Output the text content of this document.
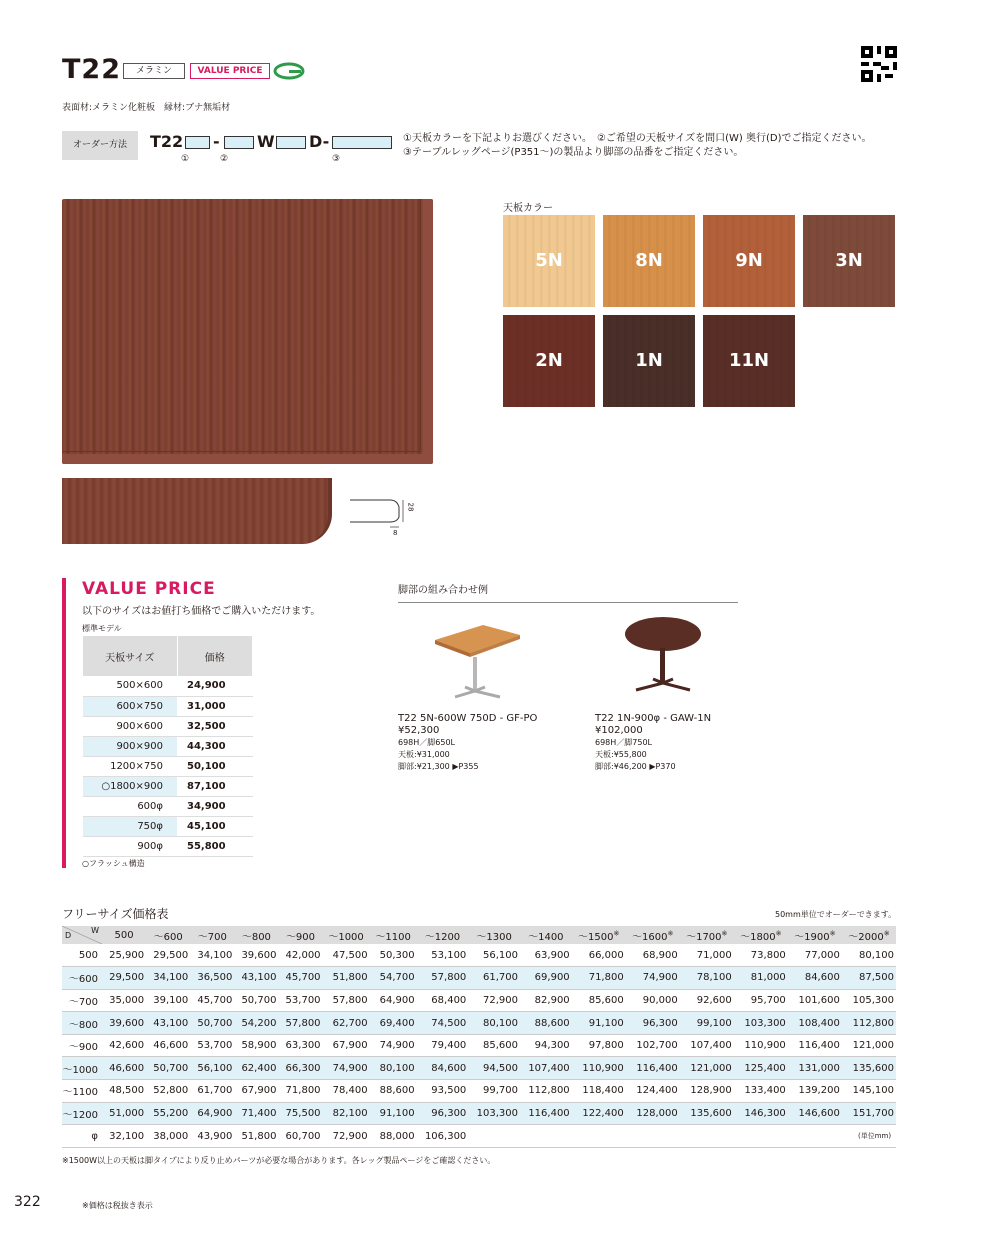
T22	メラミン	VALUE PRICE
表面材:メラミン化粧板　縁材:ブナ無垢材
オーダー方法	T22 - W D-
①	②	③
①天板カラーを下記よりお選びください。　②ご希望の天板サイズを間口(W) 奥行(D)でご指定ください。
③テーブルレッグページ(P351〜)の製品より脚部の品番をご指定ください。
28
8
天板カラー
5N	8N	9N	3N
2N	1N	11N
VALUE PRICE
以下のサイズはお値打ち価格でご購入いただけます。
標準モデル
天板サイズ	価格
500×600	24,900
600×750	31,000
900×600	32,500
900×900	44,300
1200×750	50,100
○1800×900	87,100
600φ	34,900
750φ	45,100
900φ	55,800
○フラッシュ構造
脚部の組み合わせ例
T22 5N-600W 750D - GF-PO
¥52,300
698H／脚650L
天板:¥31,000
脚部:¥21,300 ▶P355
T22 1N-900φ - GAW-1N
¥102,000
698H／脚750L
天板:¥55,800
脚部:¥46,200 ▶P370
フリーサイズ価格表	50mm単位でオーダーできます。
D
W	500	〜600	〜700	〜800	〜900	〜1000	〜1100	〜1200	〜1300	〜1400	〜1500※	〜1600※	〜1700※	〜1800※	〜1900※	〜2000※
500	25,900	29,500	34,100	39,600	42,000	47,500	50,300	53,100	56,100	63,900	66,000	68,900	71,000	73,800	77,000	80,100
〜600	29,500	34,100	36,500	43,100	45,700	51,800	54,700	57,800	61,700	69,900	71,800	74,900	78,100	81,000	84,600	87,500
〜700	35,000	39,100	45,700	50,700	53,700	57,800	64,900	68,400	72,900	82,900	85,600	90,000	92,600	95,700	101,600	105,300
〜800	39,600	43,100	50,700	54,200	57,800	62,700	69,400	74,500	80,100	88,600	91,100	96,300	99,100	103,300	108,400	112,800
〜900	42,600	46,600	53,700	58,900	63,300	67,900	74,900	79,400	85,600	94,300	97,800	102,700	107,400	110,900	116,400	121,000
〜1000	46,600	50,700	56,100	62,400	66,300	74,900	80,100	84,600	94,500	107,400	110,900	116,400	121,000	125,400	131,000	135,600
〜1100	48,500	52,800	61,700	67,900	71,800	78,400	88,600	93,500	99,700	112,800	118,400	124,400	128,900	133,400	139,200	145,100
〜1200	51,000	55,200	64,900	71,400	75,500	82,100	91,100	96,300	103,300	116,400	122,400	128,000	135,600	146,300	146,600	151,700
φ	32,100	38,000	43,900	51,800	60,700	72,900	88,000	106,300									(単位mm)
※1500W以上の天板は脚タイプにより反り止めパーツが必要な場合があります。各レッグ製品ページをご確認ください。
322	※価格は税抜き表示
